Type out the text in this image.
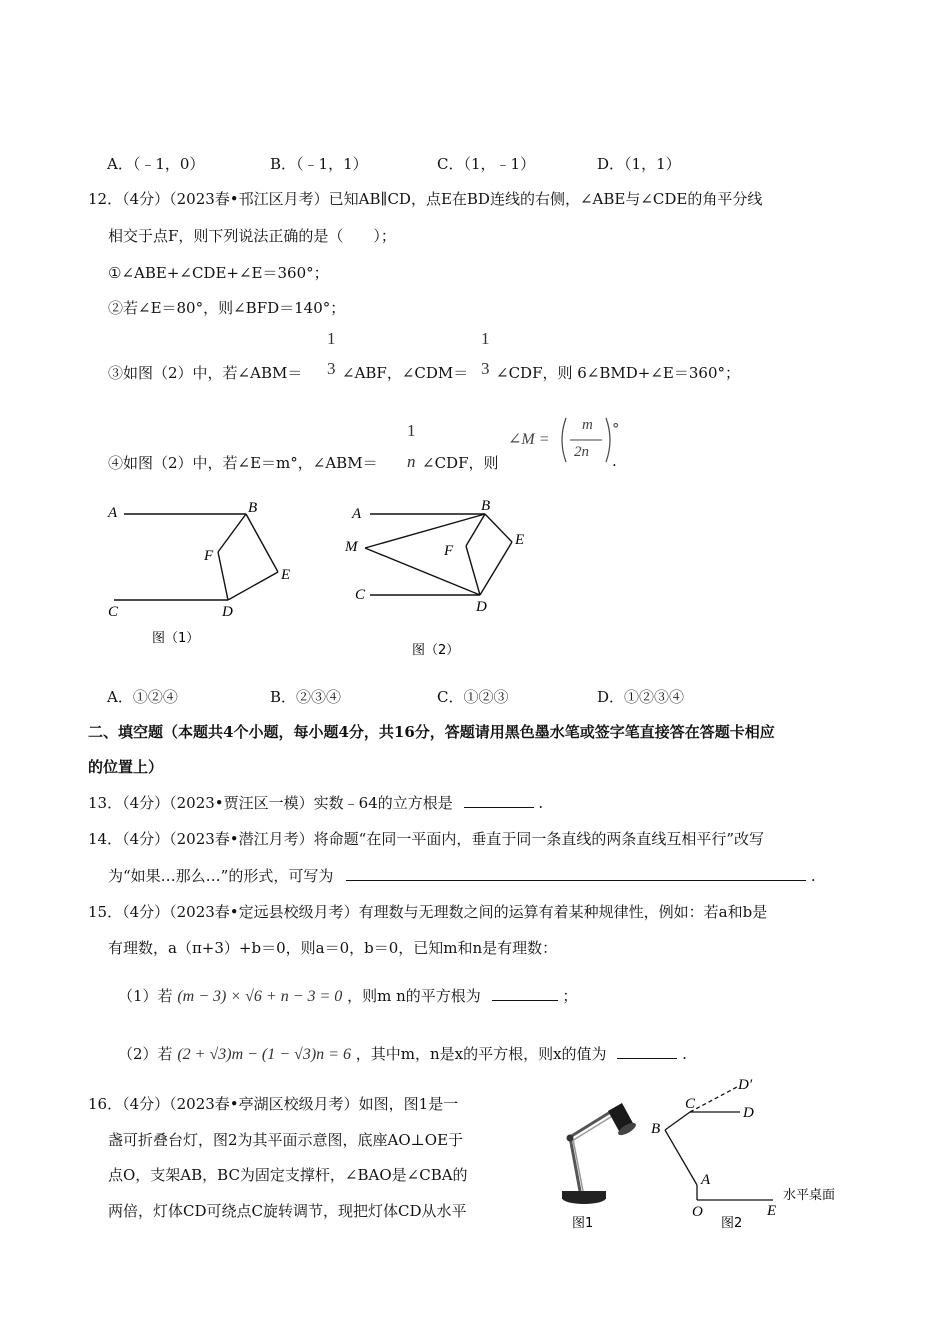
A．（﹣1，0）	B．（﹣1，1）	C．（1，﹣1）	D．（1，1）
12．（4分）（2023春•邗江区月考）已知AB∥CD，点E在BD连线的右侧，∠ABE与∠CDE的角平分线
相交于点F，则下列说法正确的是（　　）；
①∠ABE+∠CDE+∠E＝360°；
②若∠E＝80°，则∠BFD＝140°；
③如图（2）中，若∠ABM＝
1
3 ∠ABF，∠CDM＝
1
3 ∠CDF，则 6∠BMD+∠E＝360°；
④如图（2）中，若∠E＝m°，∠ABM＝
1
n ∠CDF，则
∠M =
m
2n
°
.
A	B
F
E
C	D
图（1）
A	B
M	F
E
C
D
图（2）
A．①②④	B．②③④	C．①②③	D．①②③④
二、填空题（本题共4个小题，每小题4分，共16分，答题请用黑色墨水笔或签字笔直接答在答题卡相应
的位置上）
13．（4分）（2023•贾汪区一模）实数﹣64的立方根是	.
14．（4分）（2023春•潜江月考）将命题“在同一平面内，垂直于同一条直线的两条直线互相平行”改写
为“如果…那么…”的形式，可写为	.
15．（4分）（2023春•定远县校级月考）有理数与无理数之间的运算有着某种规律性，例如：若a和b是
有理数，a（π+3）+b＝0，则a＝0，b＝0，已知m和n是有理数：
（1）若 (m − 3) × √6 + n − 3 = 0 ，则m n的平方根为	；
（2）若 (2 + √3)m − (1 − √3)n = 6 ，其中m，n是x的平方根，则x的值为	.
16．（4分）（2023春•亭湖区校级月考）如图，图1是一
盏可折叠台灯，图2为其平面示意图，底座AO⊥OE于
点O，支架AB，BC为固定支撑杆，∠BAO是∠CBA的
两倍，灯体CD可绕点C旋转调节，现把灯体CD从水平
图1
O
A
B
C
D
D′
E
水平桌面
图2
